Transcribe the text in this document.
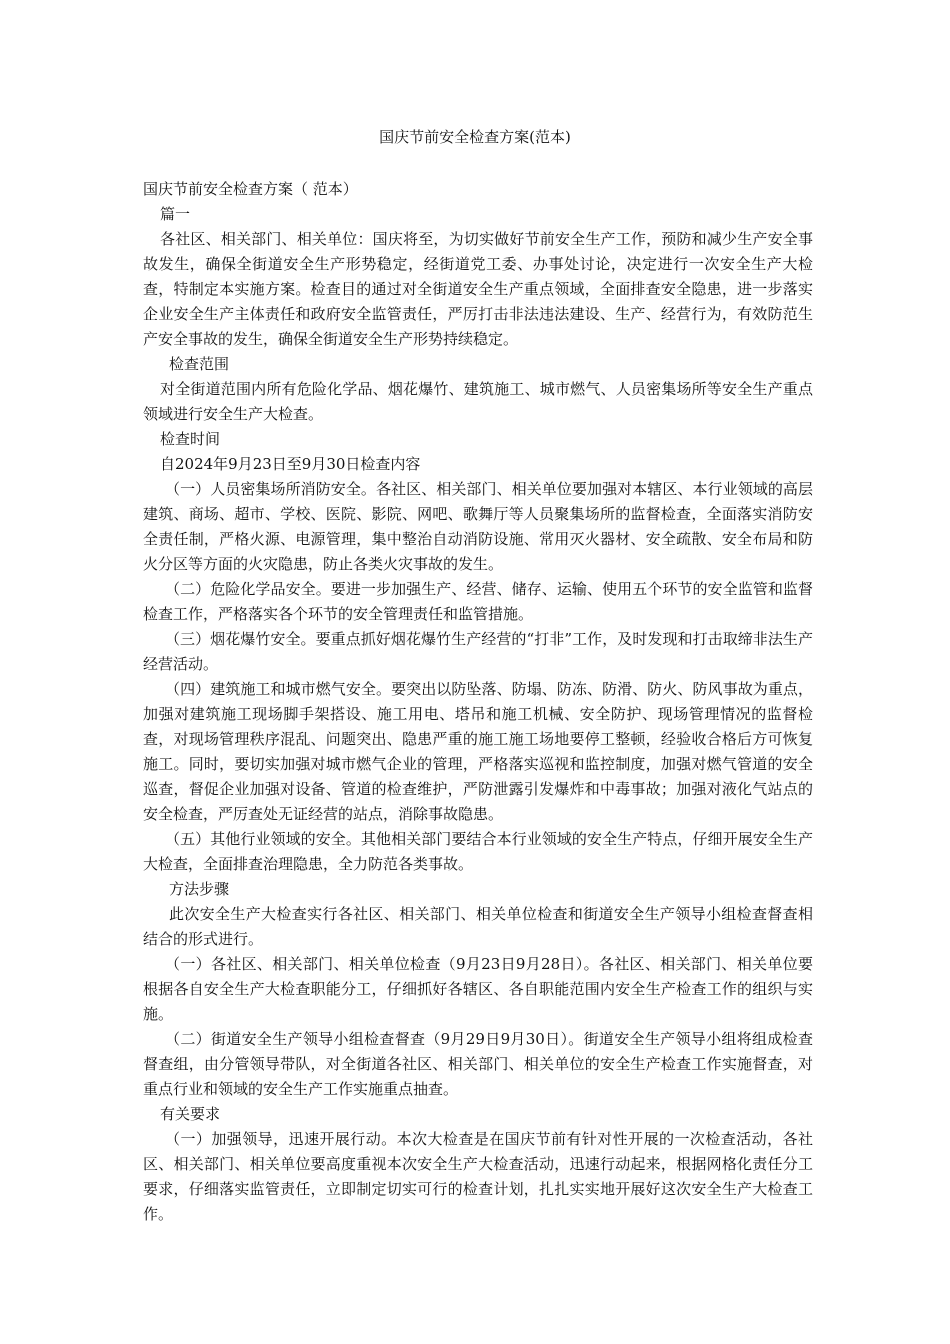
国庆节前安全检查方案(范本)

国庆节前安全检查方案（ 范本）

篇一

各社区、相关部门、相关单位：国庆将至，为切实做好节前安全生产工作，预防和减少生产安全事故发生，确保全街道安全生产形势稳定，经街道党工委、办事处讨论，决定进行一次安全生产大检查，特制定本实施方案。检查目的通过对全街道安全生产重点领域，全面排查安全隐患，进一步落实企业安全生产主体责任和政府安全监管责任，严厉打击非法违法建设、生产、经营行为，有效防范生产安全事故的发生，确保全街道安全生产形势持续稳定。

检查范围

对全街道范围内所有危险化学品、烟花爆竹、建筑施工、城市燃气、人员密集场所等安全生产重点领域进行安全生产大检查。

检查时间

自2024年9月23日至9月30日检查内容

（一）人员密集场所消防安全。各社区、相关部门、相关单位要加强对本辖区、本行业领域的高层建筑、商场、超市、学校、医院、影院、网吧、歌舞厅等人员聚集场所的监督检查，全面落实消防安全责任制，严格火源、电源管理，集中整治自动消防设施、常用灭火器材、安全疏散、安全布局和防火分区等方面的火灾隐患，防止各类火灾事故的发生。

（二）危险化学品安全。要进一步加强生产、经营、储存、运输、使用五个环节的安全监管和监督检查工作，严格落实各个环节的安全管理责任和监管措施。

（三）烟花爆竹安全。要重点抓好烟花爆竹生产经营的“打非”工作，及时发现和打击取缔非法生产经营活动。

（四）建筑施工和城市燃气安全。要突出以防坠落、防塌、防冻、防滑、防火、防风事故为重点，加强对建筑施工现场脚手架搭设、施工用电、塔吊和施工机械、安全防护、现场管理情况的监督检查，对现场管理秩序混乱、问题突出、隐患严重的施工施工场地要停工整顿，经验收合格后方可恢复施工。同时，要切实加强对城市燃气企业的管理，严格落实巡视和监控制度，加强对燃气管道的安全巡查，督促企业加强对设备、管道的检查维护，严防泄露引发爆炸和中毒事故；加强对液化气站点的安全检查，严厉查处无证经营的站点，消除事故隐患。

（五）其他行业领域的安全。其他相关部门要结合本行业领域的安全生产特点，仔细开展安全生产大检查，全面排查治理隐患，全力防范各类事故。

方法步骤

此次安全生产大检查实行各社区、相关部门、相关单位检查和街道安全生产领导小组检查督查相结合的形式进行。

（一）各社区、相关部门、相关单位检查（9月23日9月28日）。各社区、相关部门、相关单位要根据各自安全生产大检查职能分工，仔细抓好各辖区、各自职能范围内安全生产检查工作的组织与实施。

（二）街道安全生产领导小组检查督查（9月29日9月30日）。街道安全生产领导小组将组成检查督查组，由分管领导带队，对全街道各社区、相关部门、相关单位的安全生产检查工作实施督查，对重点行业和领域的安全生产工作实施重点抽查。

有关要求

（一）加强领导，迅速开展行动。本次大检查是在国庆节前有针对性开展的一次检查活动，各社区、相关部门、相关单位要高度重视本次安全生产大检查活动，迅速行动起来，根据网格化责任分工要求，仔细落实监管责任，立即制定切实可行的检查计划，扎扎实实地开展好这次安全生产大检查工作。
